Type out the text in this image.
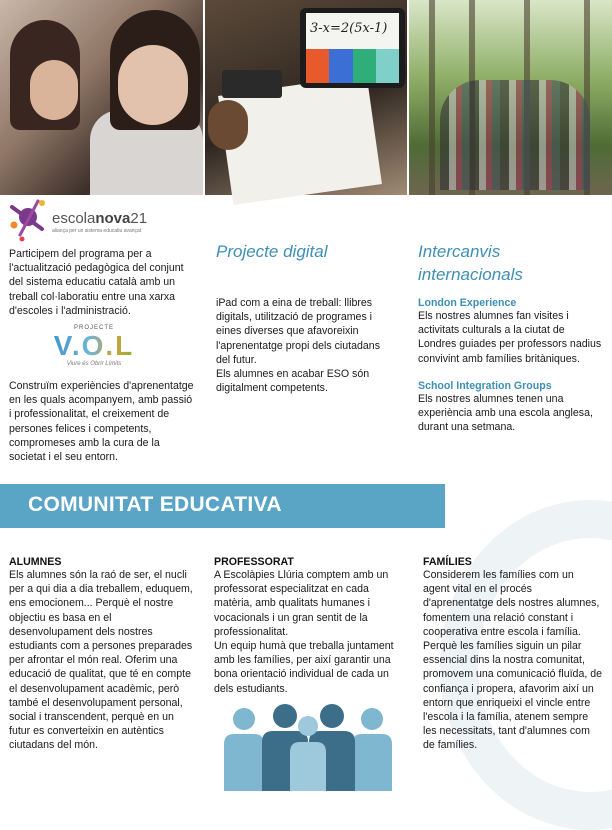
3-x=2(5x-1)
escolanova21
aliança per un sistema educatiu avançat
Participem del programa per a l'actualització pedagògica del conjunt del sistema educatiu català amb un treball col·laboratiu entre una xarxa d'escoles i l'administració.
PROJECTE
V.O.L
Viure és Obrir Límits
Construïm experiències d'aprenentatge en les quals acompanyem, amb passió i professionalitat, el creixement de persones felices i competents, compromeses amb la cura de la societat i el seu entorn.
Projecte digital
iPad com a eina de treball: llibres digitals, utilització de programes i eines diverses que afavoreixin l'aprenentatge propi dels ciutadans del futur.
Els alumnes en acabar ESO són digitalment competents.
Intercanvis internacionals
London Experience
Els nostres alumnes fan visites i activitats culturals a la ciutat de Londres guiades per professors nadius convivint amb famílies britàniques.
School Integration Groups
Els nostres alumnes tenen una experiència amb una escola anglesa, durant una setmana.
COMUNITAT EDUCATIVA
ALUMNES
Els alumnes són la raó de ser, el nucli per a qui dia a dia treballem, eduquem, ens emocionem... Perquè el nostre objectiu es basa en el desenvolupament dels nostres estudiants com a persones preparades per afrontar el món real. Oferim una educació de qualitat, que té en compte el desenvolupament acadèmic, però també el desenvolupament personal, social i transcendent, perquè en un futur es converteixin en autèntics ciutadans del món.
PROFESSORAT
A Escolàpies Llúria comptem amb un professorat especialitzat en cada matèria, amb qualitats humanes i vocacionals i un gran sentit de la professionalitat.
Un equip humà que treballa juntament amb les famílies, per així garantir una bona orientació individual de cada un dels estudiants.
FAMÍLIES
Considerem les famílies com un agent vital en el procés d'aprenentatge dels nostres alumnes, fomentem una relació constant i cooperativa entre escola i família.
Perquè les famílies siguin un pilar essencial dins la nostra comunitat, promovem una comunicació fluïda, de confiança i propera, afavorim així un entorn que enriqueixi el vincle entre l'escola i la família, atenem sempre les necessitats, tant d'alumnes com de famílies.
